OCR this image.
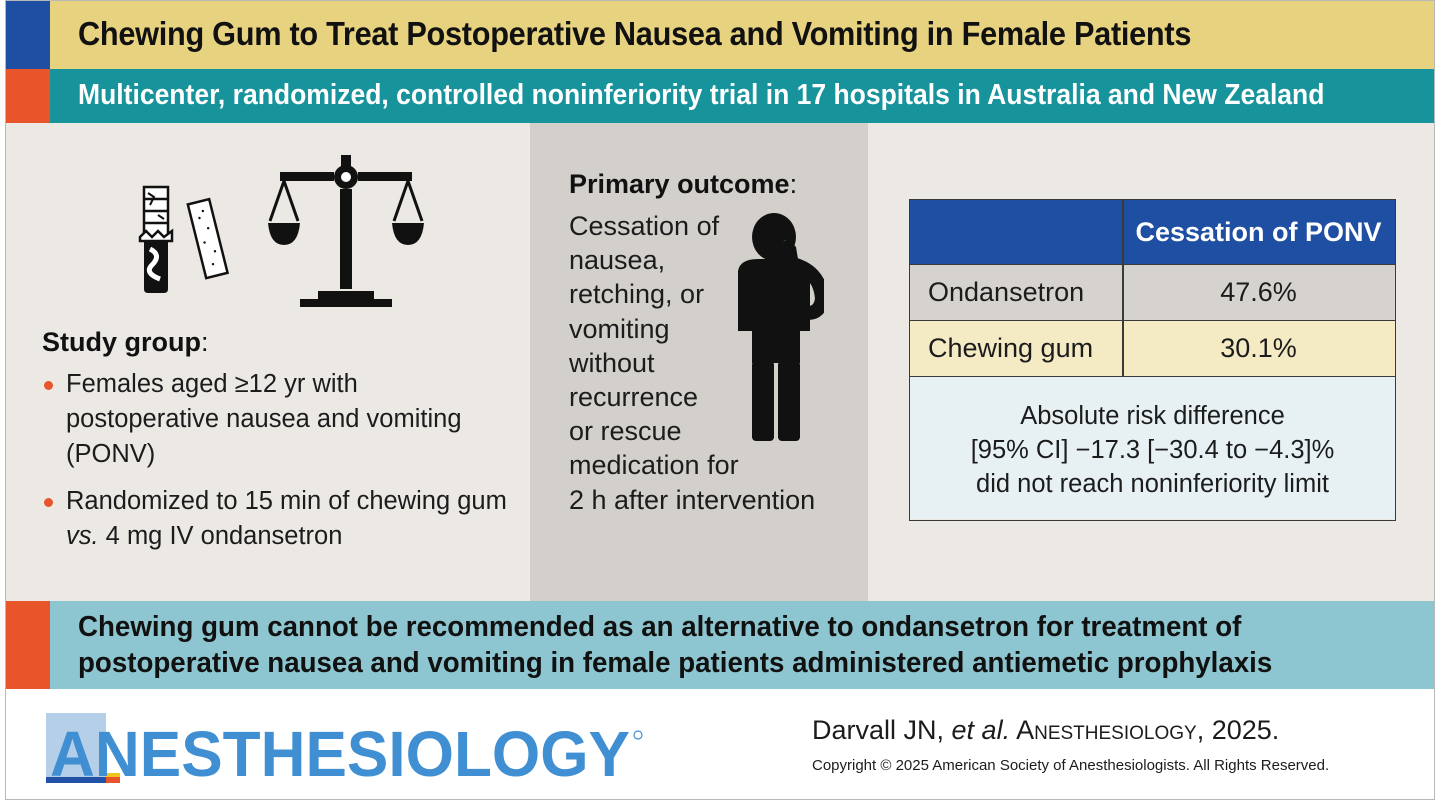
Chewing Gum to Treat Postoperative Nausea and Vomiting in Female Patients
Multicenter, randomized, controlled noninferiority trial in 17 hospitals in Australia and New Zealand
Study group:
Females aged ≥12 yr with postoperative nausea and vomiting (PONV)
Randomized to 15 min of chewing gum
vs. 4 mg IV ondansetron
Primary outcome:
Cessation of
nausea,
retching, or
vomiting
without
recurrence
or rescue
medication for
2 h after intervention
Cessation of PONV
Ondansetron	47.6%
Chewing gum	30.1%
Absolute risk difference
[95% CI] −17.3 [−30.4 to −4.3]%
did not reach noninferiority limit
Chewing gum cannot be recommended as an alternative to ondansetron for treatment of
postoperative nausea and vomiting in female patients administered antiemetic prophylaxis
ANESTHESIOLOGY	Darvall JN, et al. Anesthesiology, 2025.
Copyright © 2025 American Society of Anesthesiologists. All Rights Reserved.
